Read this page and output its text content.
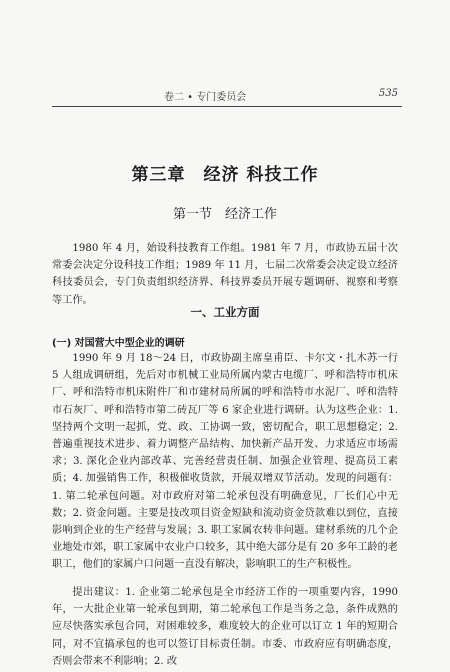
卷二 • 专门委员会	535
第三章　经济 科技工作
第一节　经济工作

1980 年 4 月，始设科技教育工作组。1981 年 7 月，市政协五届十次常委会决定分设科技工作组；1989 年 11 月，七届二次常委会决定设立经济科技委员会，专门负责组织经济界、科技界委员开展专题调研、视察和考察等工作。

一、工业方面
(一) 对国营大中型企业的调研

1990 年 9 月 18～24 日，市政协副主席皇甫臣、卡尔文・扎木苏一行 5 人组成调研组，先后对市机械工业局所属内蒙古电缆厂、呼和浩特市机床厂、呼和浩特市机床附件厂和市建材局所属的呼和浩特市水泥厂、呼和浩特市石灰厂、呼和浩特市第二砖瓦厂等 6 家企业进行调研。认为这些企业：1. 坚持两个文明一起抓，党、政、工协调一致，密切配合，职工思想稳定；2. 普遍重视技术进步、着力调整产品结构、加快新产品开发、力求适应市场需求；3. 深化企业内部改革、完善经营责任制、加强企业管理、提高员工素质；4. 加强销售工作，积极催收货款，开展双增双节活动。发现的问题有：1. 第二轮承包问题。对市政府对第二轮承包没有明确意见，厂长们心中无数；2. 资金问题。主要是技改项目资金短缺和流动资金贷款难以到位，直接影响到企业的生产经营与发展；3. 职工家属农转非问题。建材系统的几个企业地处市郊，职工家属中农业户口较多，其中绝大部分是有 20 多年工龄的老职工，他们的家属户口问题一直没有解决，影响职工的生产积极性。

提出建议：1. 企业第二轮承包是全市经济工作的一项重要内容，1990 年，一大批企业第一轮承包到期，第二轮承包工作是当务之急，条件成熟的应尽快落实承包合同，对困难较多，难度较大的企业可以订立 1 年的短期合同，对不宜搞承包的也可以签订目标责任制。市委、市政府应有明确态度，否则会带来不利影响；2. 改
